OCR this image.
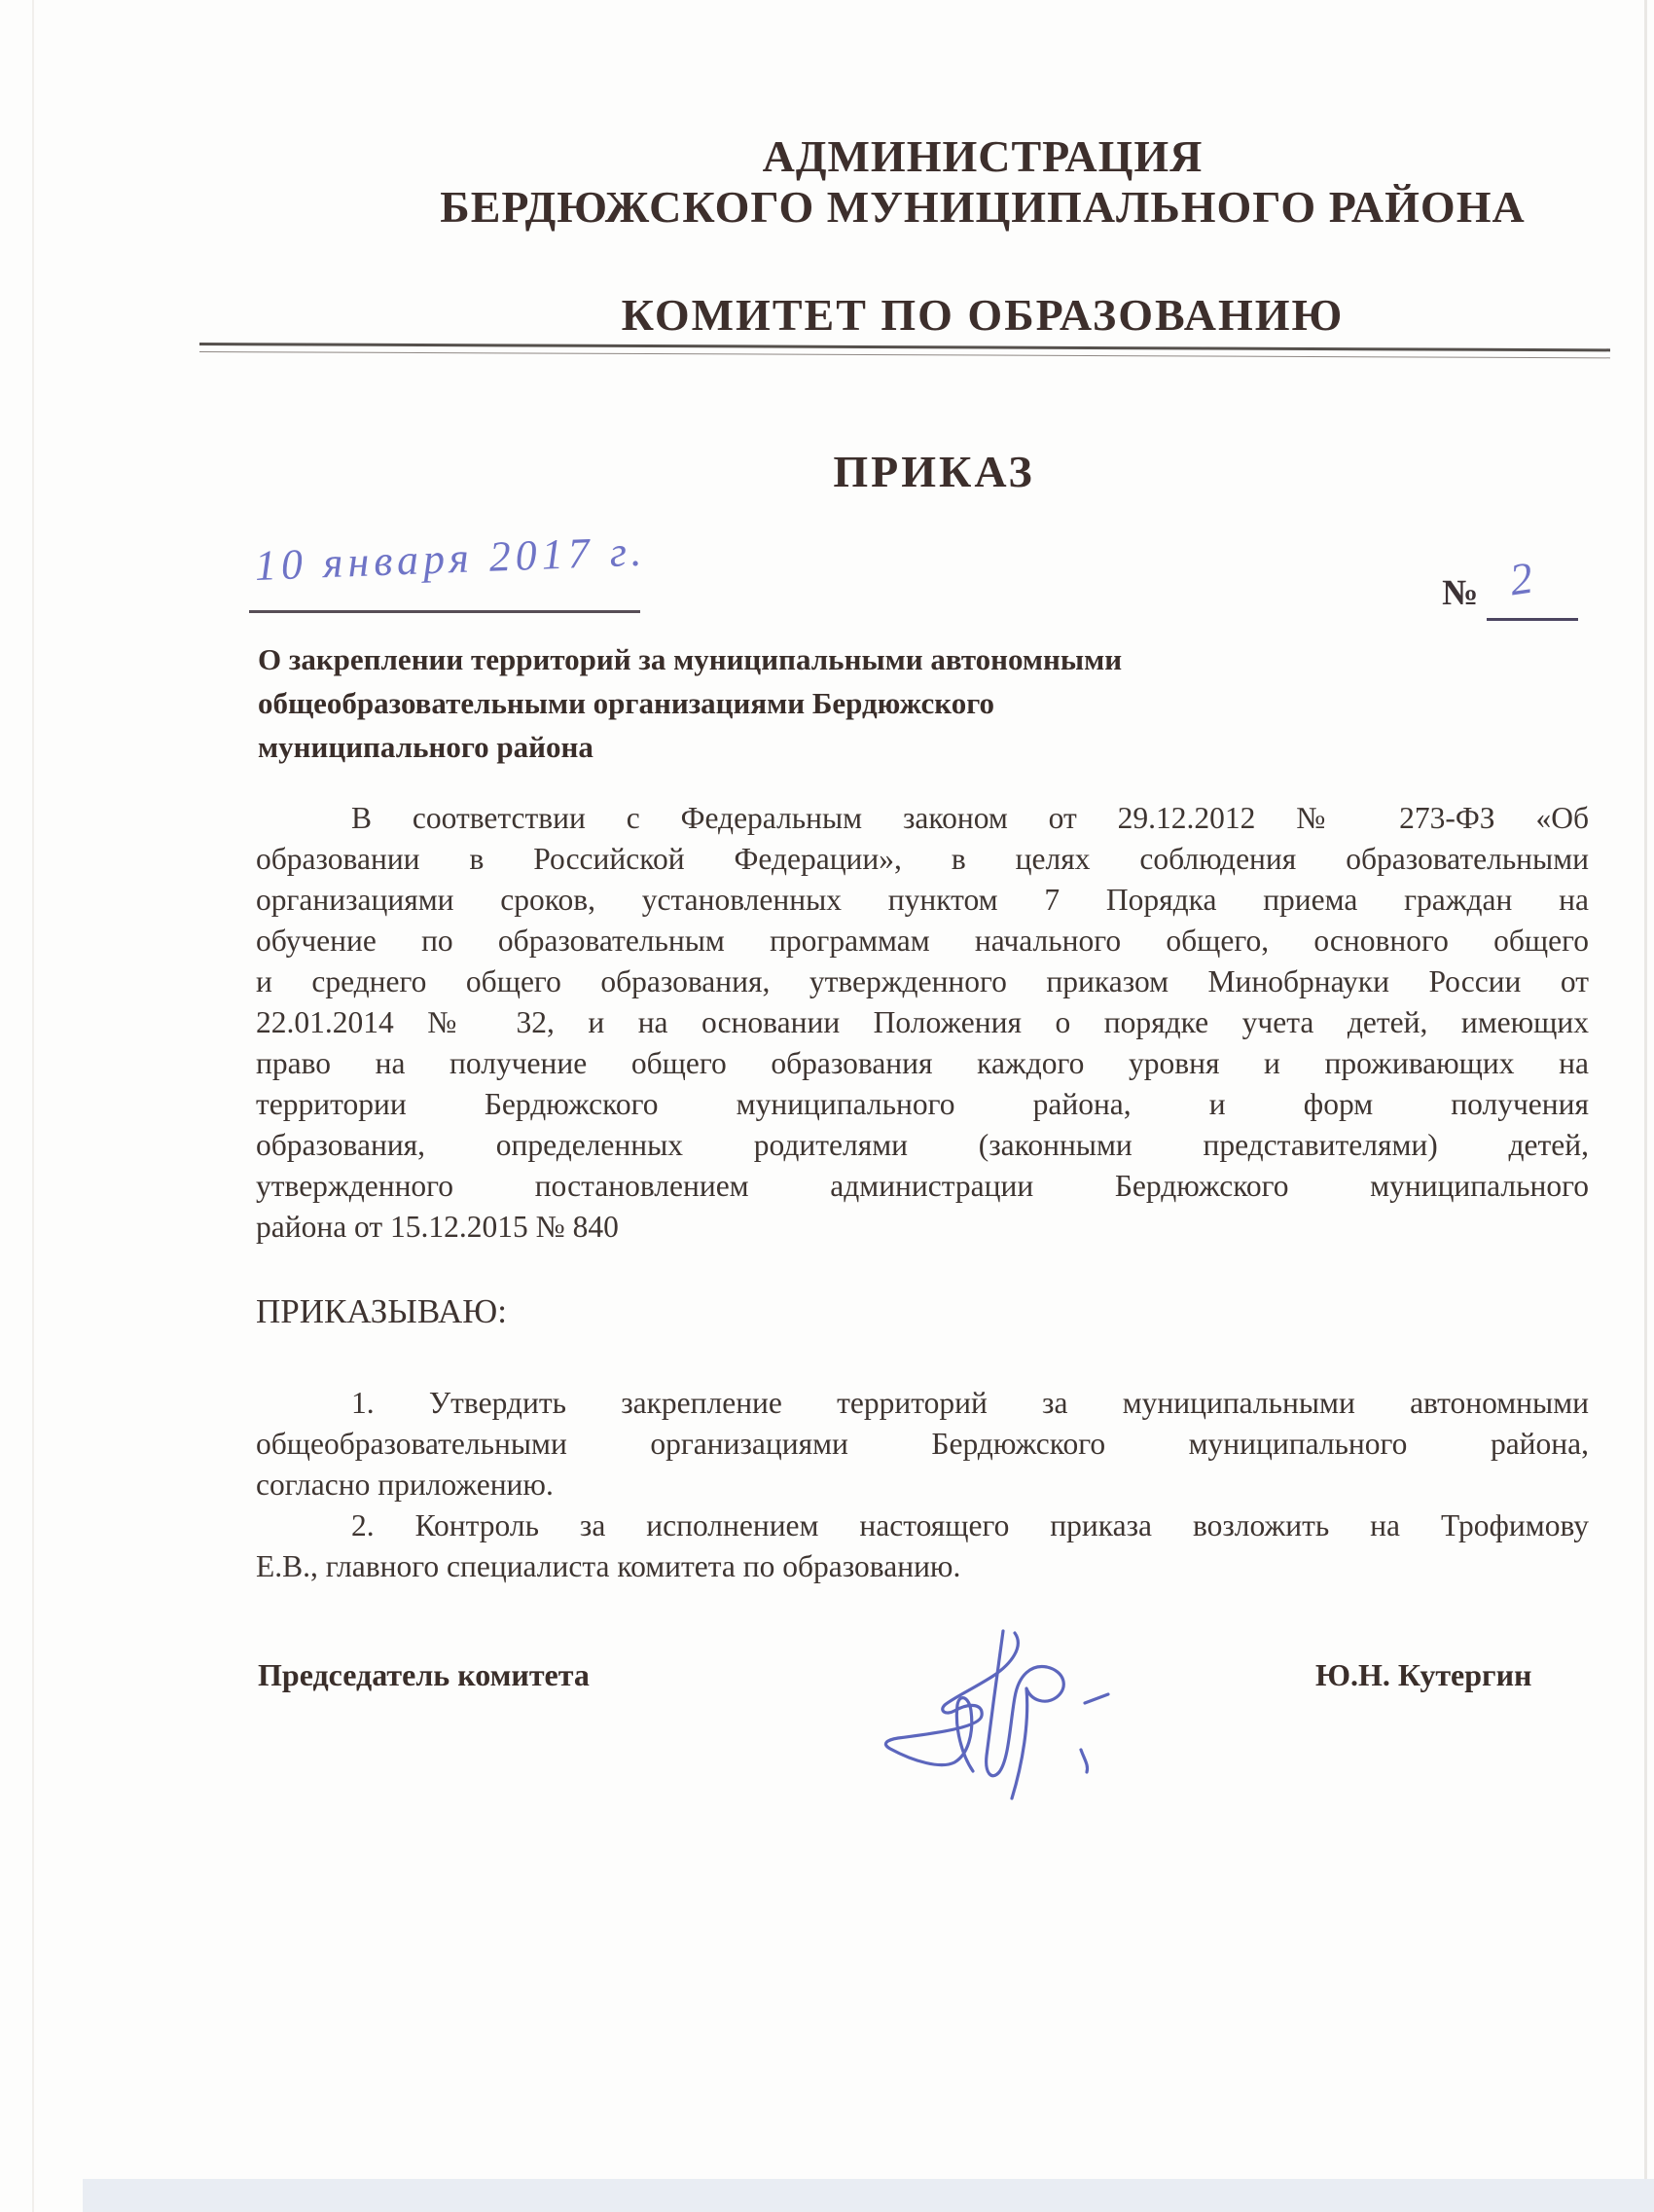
АДМИНИСТРАЦИЯ
БЕРДЮЖСКОГО МУНИЦИПАЛЬНОГО РАЙОНА
КОМИТЕТ ПО ОБРАЗОВАНИЮ
ПРИКАЗ
10 января 2017 г.
№ 2
О закреплении территорий за муниципальными автономными
общеобразовательными организациями Бердюжского
муниципального района
В соответствии с Федеральным законом от 29.12.2012 № 273-ФЗ «Об
образовании в Российской Федерации», в целях соблюдения образовательными
организациями сроков, установленных пунктом 7 Порядка приема граждан на
обучение по образовательным программам начального общего, основного общего
и среднего общего образования, утвержденного приказом Минобрнауки России от
22.01.2014 № 32, и на основании Положения о порядке учета детей, имеющих
право на получение общего образования каждого уровня и проживающих на
территории Бердюжского муниципального района, и форм получения
образования, определенных родителями (законными представителями) детей,
утвержденного постановлением администрации Бердюжского муниципального
района от 15.12.2015 № 840
ПРИКАЗЫВАЮ:
1. Утвердить закрепление территорий за муниципальными автономными
общеобразовательными организациями Бердюжского муниципального района,
согласно приложению.
2. Контроль за исполнением настоящего приказа возложить на Трофимову
Е.В., главного специалиста комитета по образованию.
Председатель комитета	Ю.Н. Кутергин
